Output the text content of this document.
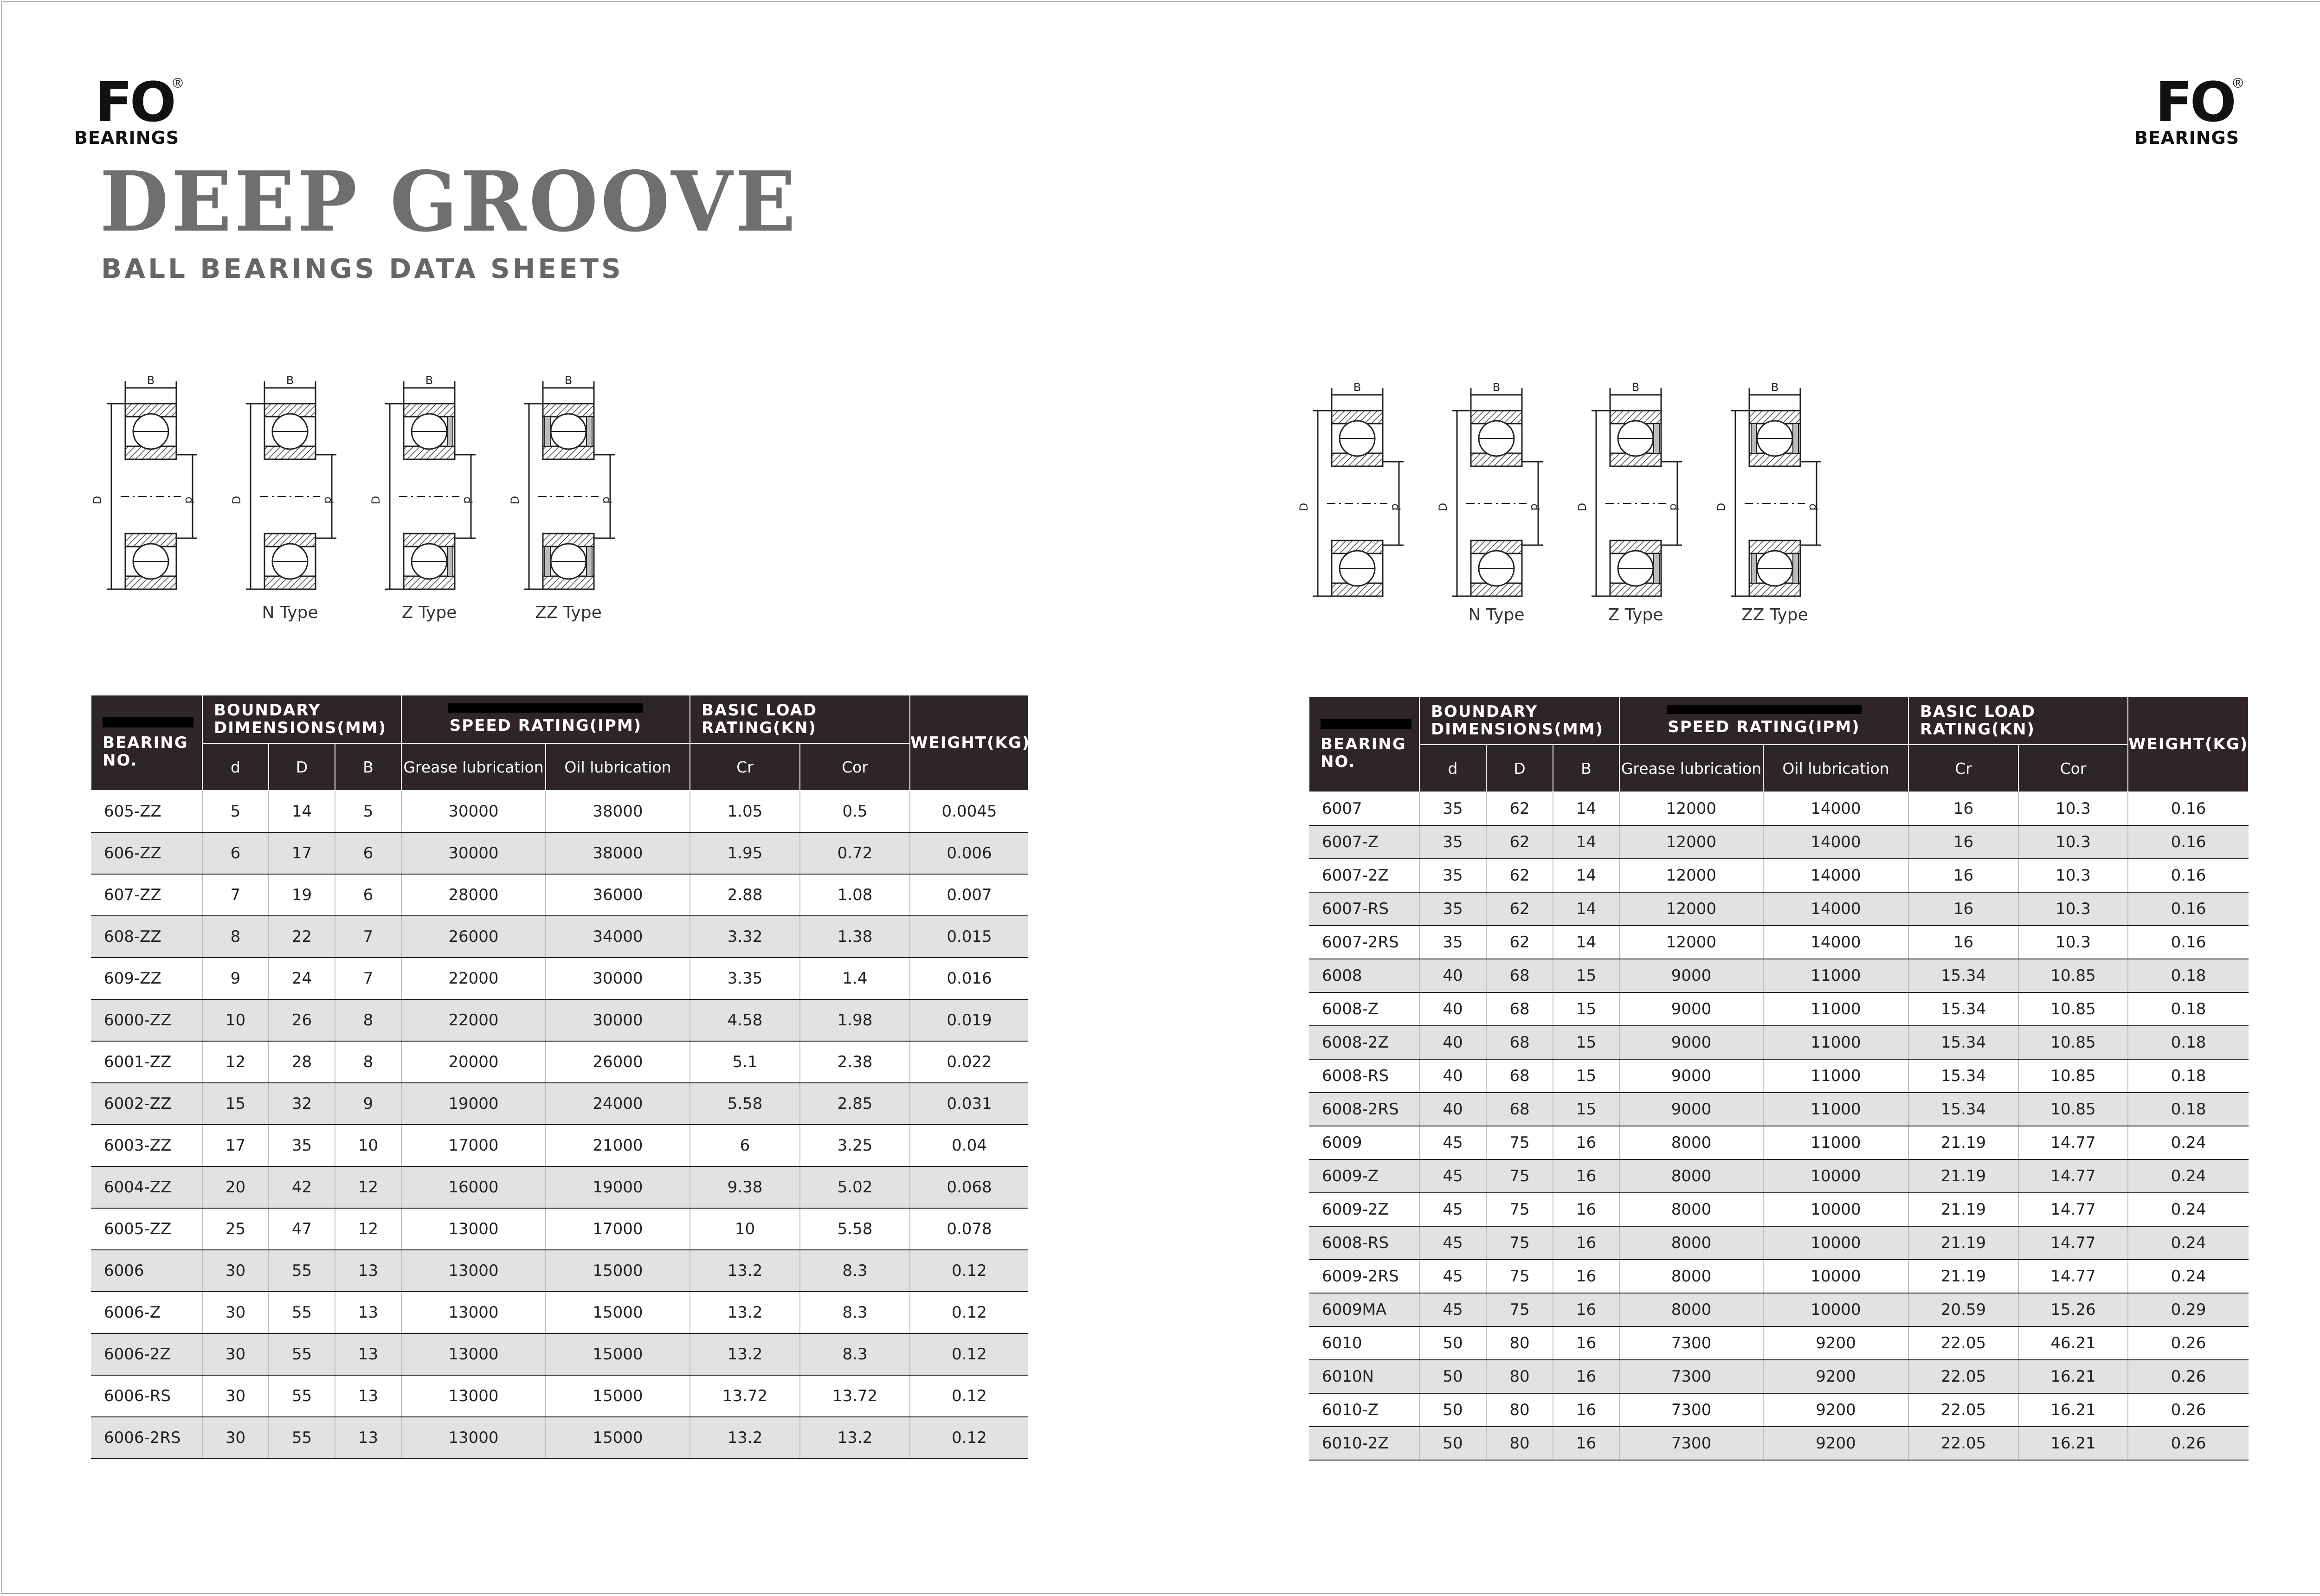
FO
®
BEARINGS
FO
®
BEARINGS
DEEP GROOVE
BALL BEARINGS DATA SHEETS
B
D	d
B
D	d
B
D	d
B
D	d
N Type	Z Type	ZZ Type
B
D	d
B
D	d
B
D	d
B
D	d
N Type	Z Type	ZZ Type

BEARING NO.	BOUNDARY DIMENSIONS(MM)			SPEED RATING(IPM)		BASIC LOAD RATING(KN)		WEIGHT(KG)
	d	D	B	Grease lubrication	Oil lubrication	Cr	Cor	
605-ZZ	5	14	5	30000	38000	1.05	0.5	0.0045
606-ZZ	6	17	6	30000	38000	1.95	0.72	0.006
607-ZZ	7	19	6	28000	36000	2.88	1.08	0.007
608-ZZ	8	22	7	26000	34000	3.32	1.38	0.015
609-ZZ	9	24	7	22000	30000	3.35	1.4	0.016
6000-ZZ	10	26	8	22000	30000	4.58	1.98	0.019
6001-ZZ	12	28	8	20000	26000	5.1	2.38	0.022
6002-ZZ	15	32	9	19000	24000	5.58	2.85	0.031
6003-ZZ	17	35	10	17000	21000	6	3.25	0.04
6004-ZZ	20	42	12	16000	19000	9.38	5.02	0.068
6005-ZZ	25	47	12	13000	17000	10	5.58	0.078
6006	30	55	13	13000	15000	13.2	8.3	0.12
6006-Z	30	55	13	13000	15000	13.2	8.3	0.12
6006-2Z	30	55	13	13000	15000	13.2	8.3	0.12
6006-RS	30	55	13	13000	15000	13.72	13.72	0.12
6006-2RS	30	55	13	13000	15000	13.2	13.2	0.12

BEARING NO.	BOUNDARY DIMENSIONS(MM)			SPEED RATING(IPM)		BASIC LOAD RATING(KN)		WEIGHT(KG)
	d	D	B	Grease lubrication	Oil lubrication	Cr	Cor	
6007	35	62	14	12000	14000	16	10.3	0.16
6007-Z	35	62	14	12000	14000	16	10.3	0.16
6007-2Z	35	62	14	12000	14000	16	10.3	0.16
6007-RS	35	62	14	12000	14000	16	10.3	0.16
6007-2RS	35	62	14	12000	14000	16	10.3	0.16
6008	40	68	15	9000	11000	15.34	10.85	0.18
6008-Z	40	68	15	9000	11000	15.34	10.85	0.18
6008-2Z	40	68	15	9000	11000	15.34	10.85	0.18
6008-RS	40	68	15	9000	11000	15.34	10.85	0.18
6008-2RS	40	68	15	9000	11000	15.34	10.85	0.18
6009	45	75	16	8000	11000	21.19	14.77	0.24
6009-Z	45	75	16	8000	10000	21.19	14.77	0.24
6009-2Z	45	75	16	8000	10000	21.19	14.77	0.24
6008-RS	45	75	16	8000	10000	21.19	14.77	0.24
6009-2RS	45	75	16	8000	10000	21.19	14.77	0.24
6009MA	45	75	16	8000	10000	20.59	15.26	0.29
6010	50	80	16	7300	9200	22.05	46.21	0.26
6010N	50	80	16	7300	9200	22.05	16.21	0.26
6010-Z	50	80	16	7300	9200	22.05	16.21	0.26
6010-2Z	50	80	16	7300	9200	22.05	16.21	0.26
